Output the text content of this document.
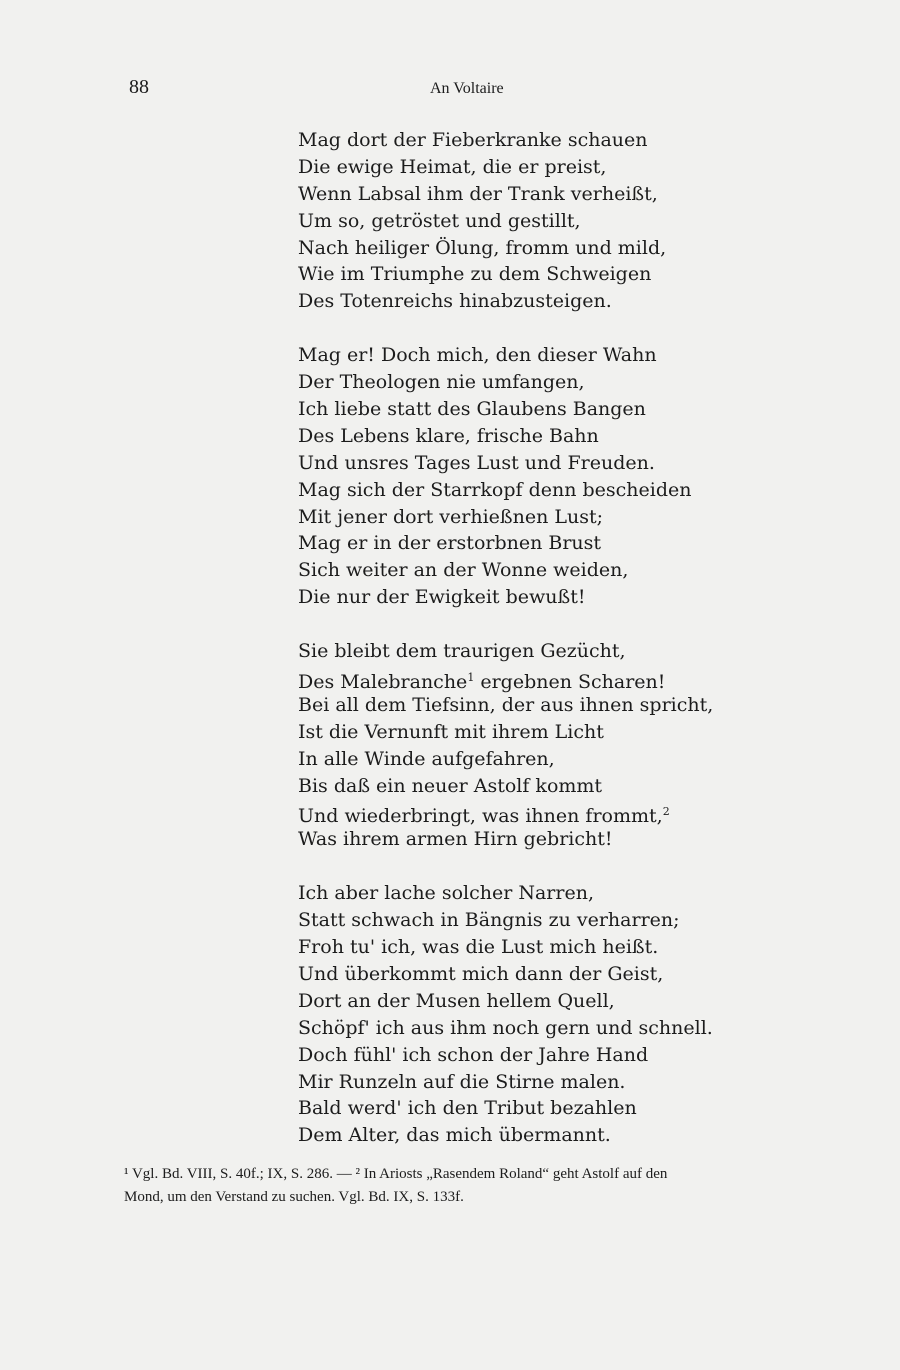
88	An Voltaire
Mag dort der Fieberkranke schauen
Die ewige Heimat, die er preist,
Wenn Labsal ihm der Trank verheißt,
Um so, getröstet und gestillt,
Nach heiliger Ölung, fromm und mild,
Wie im Triumphe zu dem Schweigen
Des Totenreichs hinabzusteigen.
Mag er! Doch mich, den dieser Wahn
Der Theologen nie umfangen,
Ich liebe statt des Glaubens Bangen
Des Lebens klare, frische Bahn
Und unsres Tages Lust und Freuden.
Mag sich der Starrkopf denn bescheiden
Mit jener dort verhießnen Lust;
Mag er in der erstorbnen Brust
Sich weiter an der Wonne weiden,
Die nur der Ewigkeit bewußt!
Sie bleibt dem traurigen Gezücht,
Des Malebranche$^1$ ergebnen Scharen!
Bei all dem Tiefsinn, der aus ihnen spricht,
Ist die Vernunft mit ihrem Licht
In alle Winde aufgefahren,
Bis daß ein neuer Astolf kommt
Und wiederbringt, was ihnen frommt,$^2$
Was ihrem armen Hirn gebricht!
Ich aber lache solcher Narren,
Statt schwach in Bängnis zu verharren;
Froh tu' ich, was die Lust mich heißt.
Und überkommt mich dann der Geist,
Dort an der Musen hellem Quell,
Schöpf' ich aus ihm noch gern und schnell.
Doch fühl' ich schon der Jahre Hand
Mir Runzeln auf die Stirne malen.
Bald werd' ich den Tribut bezahlen
Dem Alter, das mich übermannt.
¹ Vgl. Bd. VIII, S. 40f.; IX, S. 286. — ² In Ariosts „Rasendem Roland“ geht Astolf auf den
Mond, um den Verstand zu suchen. Vgl. Bd. IX, S. 133f.
